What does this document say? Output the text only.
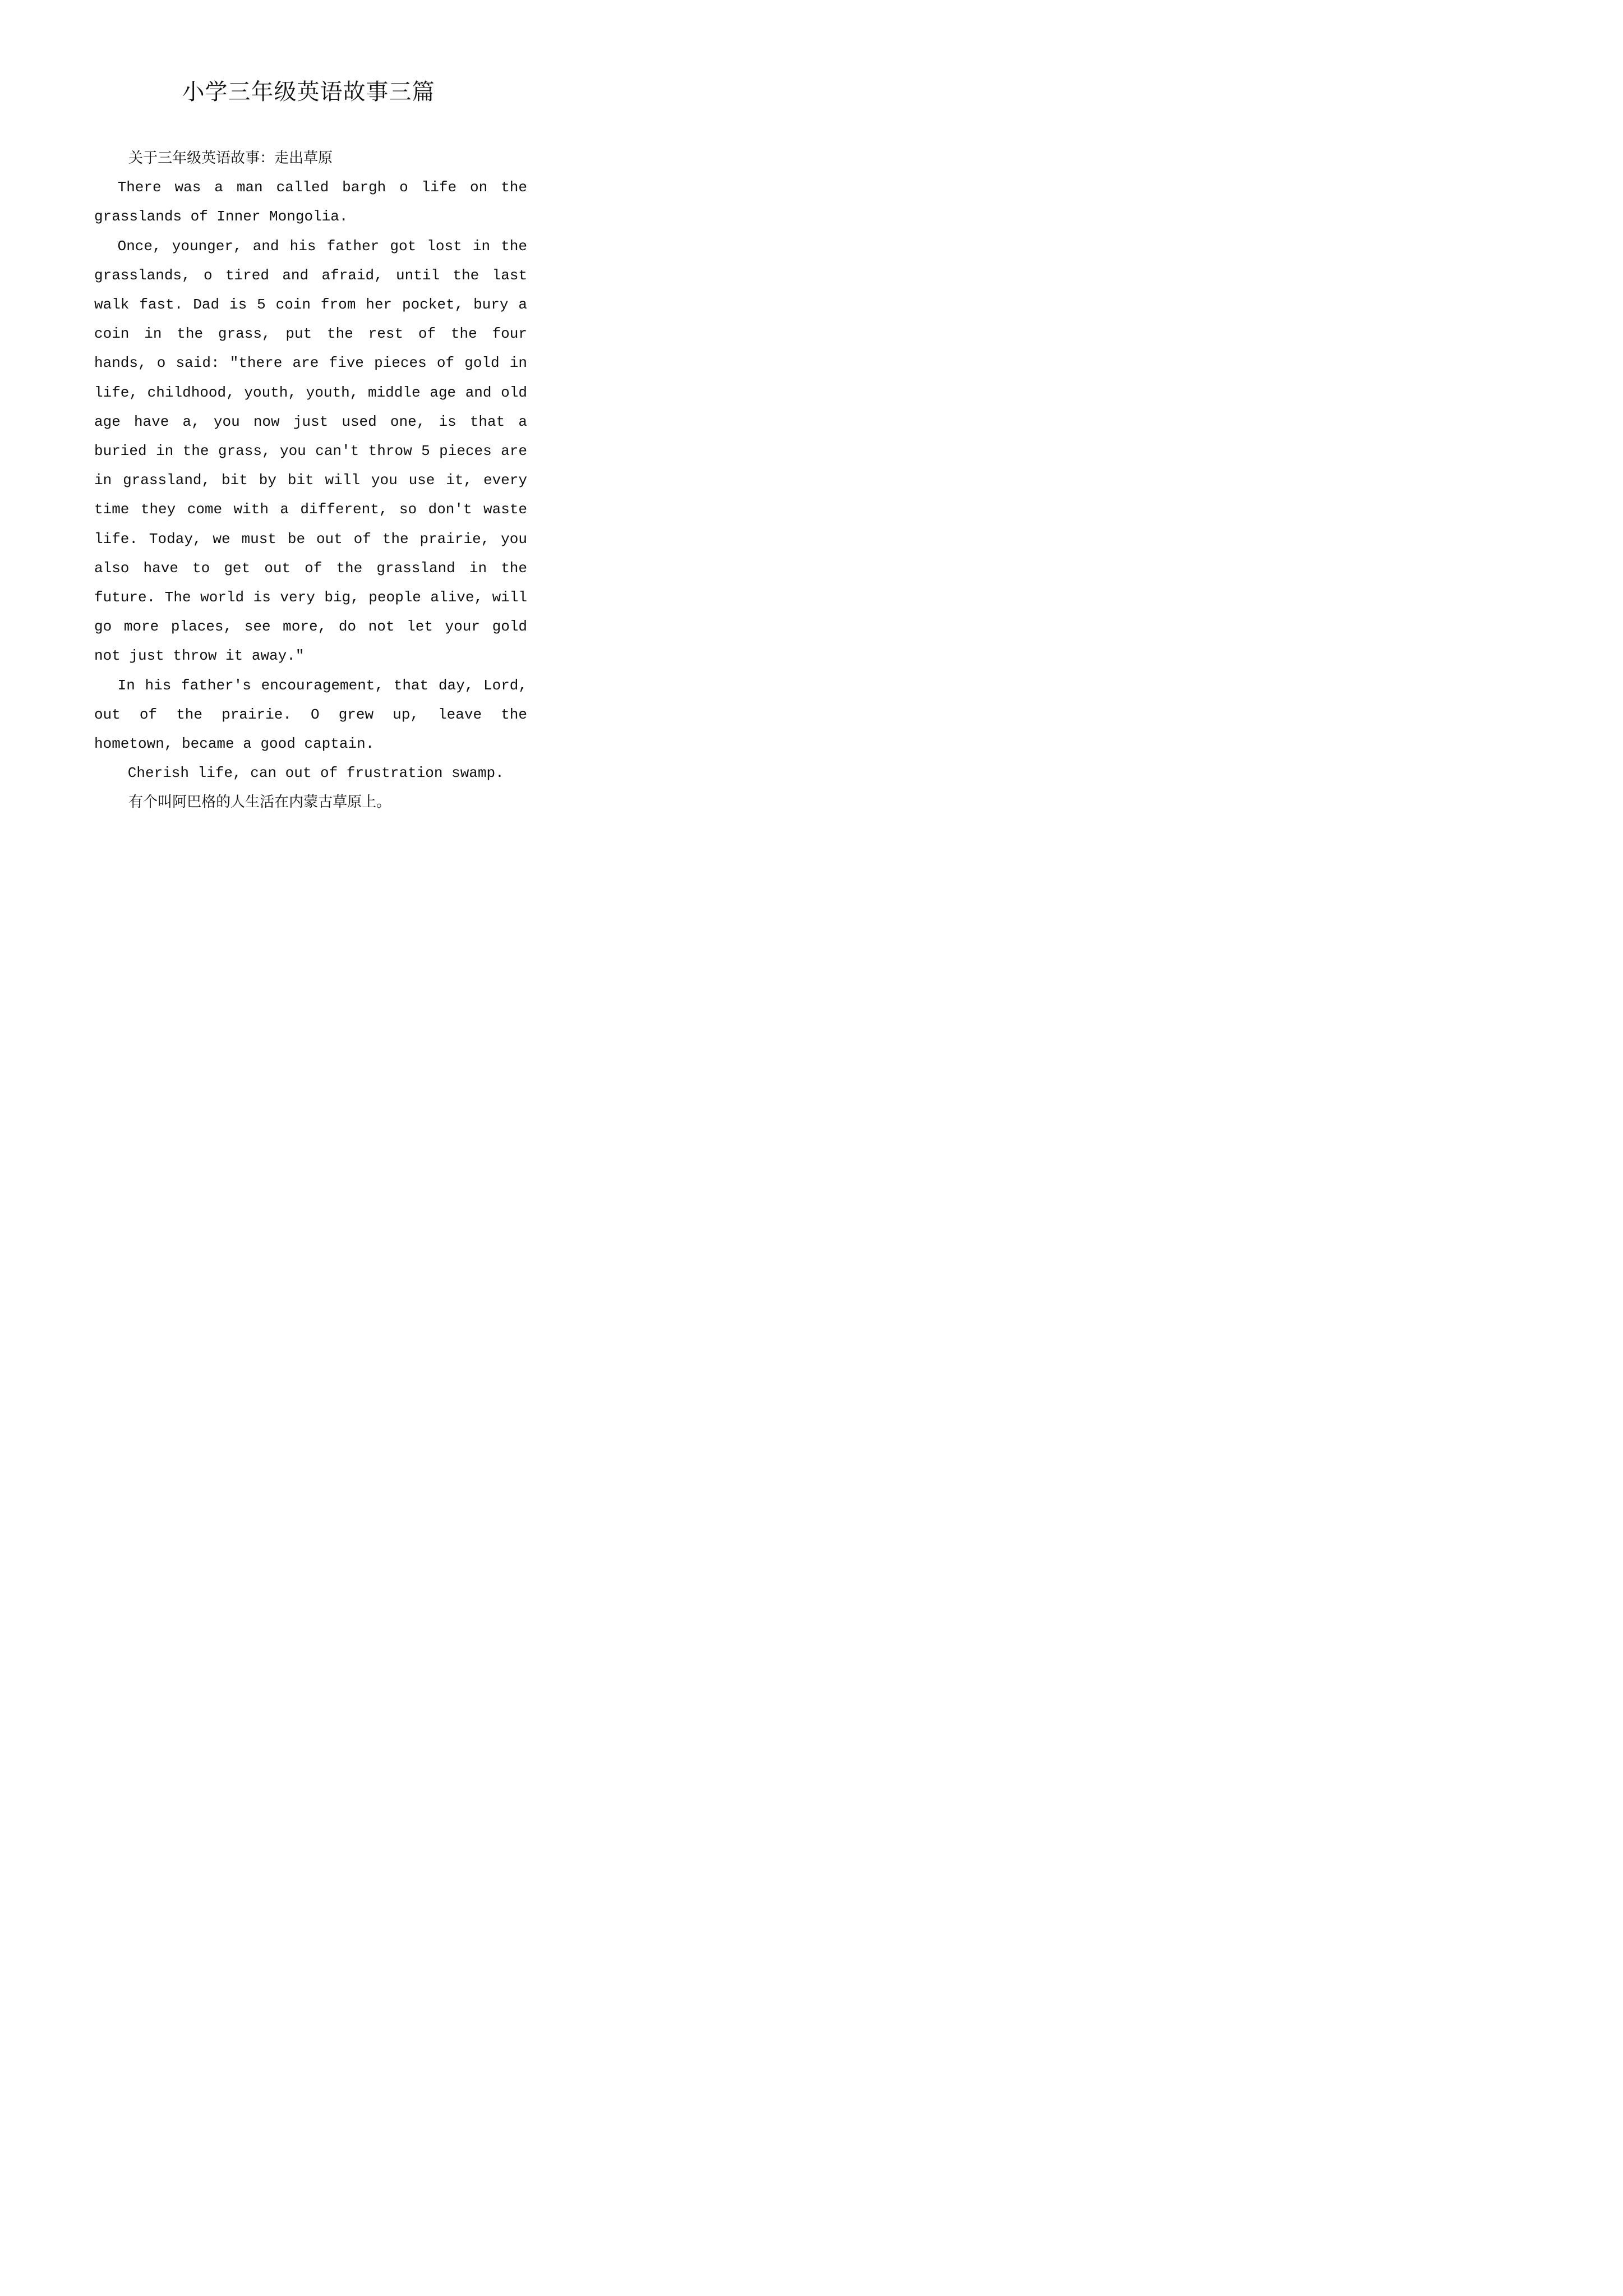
小学三年级英语故事三篇

关于三年级英语故事：走出草原

There was a man called bargh o life on the grasslands of Inner Mongolia.

Once, younger, and his father got lost in the grasslands, o tired and afraid, until the last walk fast. Dad is 5 coin from her pocket, bury a coin in the grass, put the rest of the four hands, o said: "there are five pieces of gold in life, childhood, youth, youth, middle age and old age have a, you now just used one, is that a buried in the grass, you can't throw 5 pieces are in grassland, bit by bit will you use it, every time they come with a different, so don't waste life. Today, we must be out of the prairie, you also have to get out of the grassland in the future. The world is very big, people alive, will go more places, see more, do not let your gold not just throw it away."

In his father's encouragement, that day, Lord, out of the prairie. O grew up, leave the hometown, became a good captain.

Cherish life, can out of frustration swamp.

有个叫阿巴格的人生活在内蒙古草原上。
